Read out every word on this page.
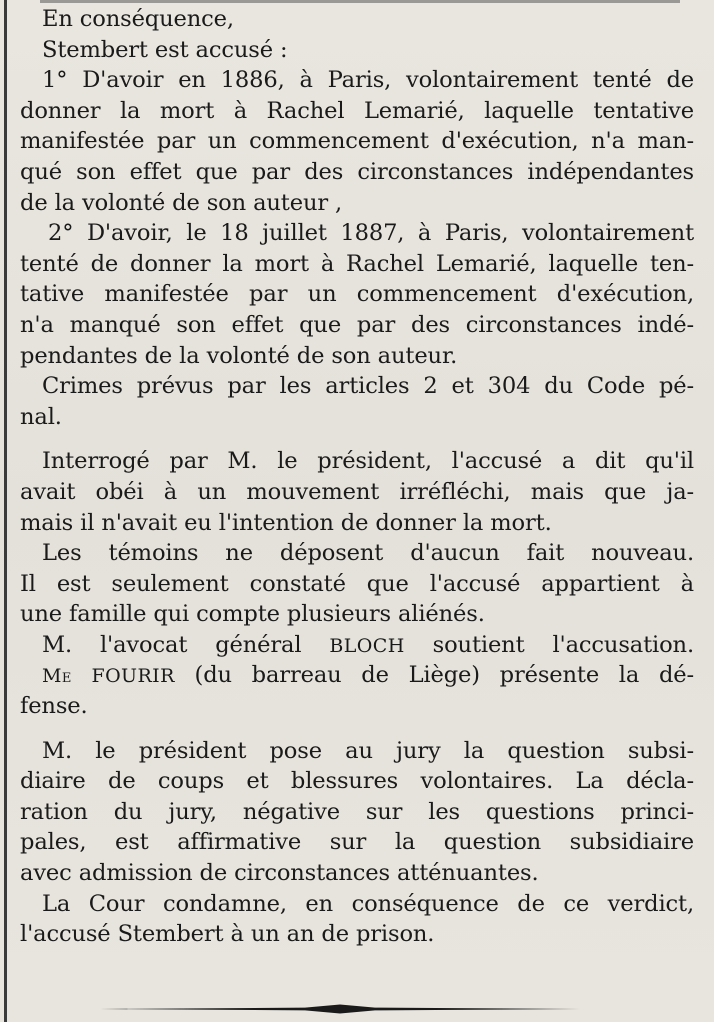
En conséquence,
Stembert est accusé :
1° D'avoir en 1886, à Paris, volontairement tenté de
donner la mort à Rachel Lemarié, laquelle tentative
manifestée par un commencement d'exécution, n'a man-
qué son effet que par des circonstances indépendantes
de la volonté de son auteur ,
2° D'avoir, le 18 juillet 1887, à Paris, volontairement
tenté de donner la mort à Rachel Lemarié, laquelle ten-
tative manifestée par un commencement d'exécution,
n'a manqué son effet que par des circonstances indé-
pendantes de la volonté de son auteur.
Crimes prévus par les articles 2 et 304 du Code pé-
nal.
Interrogé par M. le président, l'accusé a dit qu'il
avait obéi à un mouvement irréfléchi, mais que ja-
mais il n'avait eu l'intention de donner la mort.
Les témoins ne déposent d'aucun fait nouveau.
Il est seulement constaté que l'accusé appartient à
une famille qui compte plusieurs aliénés.
M. l'avocat général BLOCH soutient l'accusation.
Me FOURIR (du barreau de Liège) présente la dé-
fense.
M. le président pose au jury la question subsi-
diaire de coups et blessures volontaires. La décla-
ration du jury, négative sur les questions princi-
pales, est affirmative sur la question subsidiaire
avec admission de circonstances atténuantes.
La Cour condamne, en conséquence de ce verdict,
l'accusé Stembert à un an de prison.
